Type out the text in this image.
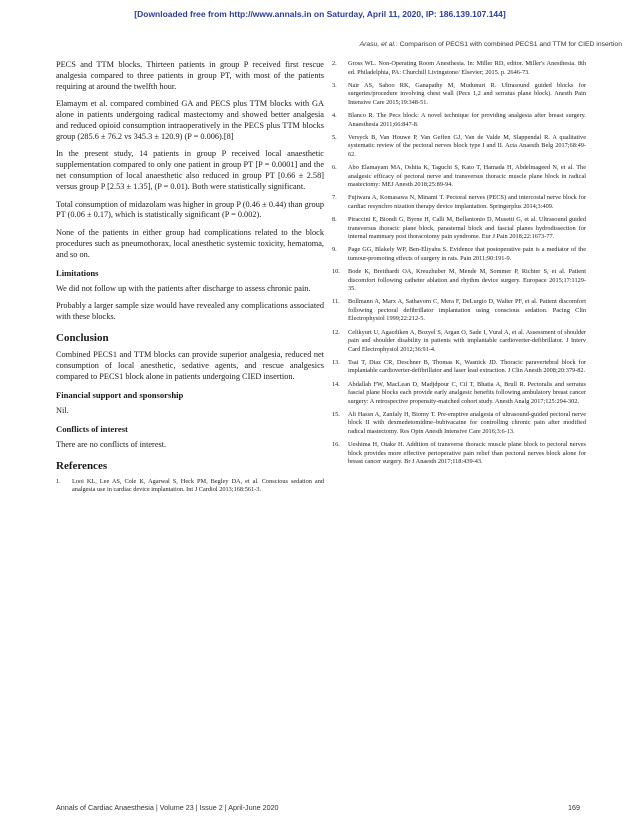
[Downloaded free from http://www.annals.in on Saturday, April 11, 2020, IP: 186.139.107.144]
Arasu, et al.: Comparison of PECS1 with combined PECS1 and TTM for CIED insertion

PECS and TTM blocks. Thirteen patients in group P received first rescue analgesia compared to three patients in group PT, with most of the patients requiring at around the twelfth hour.

Elamaym et al. compared combined GA and PECS plus TTM blocks with GA alone in patients undergoing radical mastectomy and showed better analgesia and reduced opioid consumption intraoperatively in the PECS plus TTM blocks group (285.6 ± 76.2 vs 345.3 ± 120.9) (P = 0.006).[8]

In the present study, 14 patients in group P received local anaesthetic supplementation compared to only one patient in group PT [P = 0.0001] and the net consumption of local anaesthetic also reduced in group PT [0.66 ± 2.58] versus group P [2.53 ± 1.35], (P = 0.01). Both were statistically significant.

Total consumption of midazolam was higher in group P (0.46 ± 0.44) than group PT (0.06 ± 0.17), which is statistically significant (P = 0.002).

None of the patients in either group had complications related to the block procedures such as pneumothorax, local anesthetic systemic toxicity, hematoma, and so on.

Limitations

We did not follow up with the patients after discharge to assess chronic pain.

Probably a larger sample size would have revealed any complications associated with these blocks.

Conclusion

Combined PECS1 and TTM blocks can provide superior analgesia, reduced net consumption of local anesthetic, sedative agents, and rescue analgesics compared to PECS1 block alone in patients undergoing CIED insertion.

Financial support and sponsorship

Nil.

Conflicts of interest

There are no conflicts of interest.

References
1.	Looi KL, Lee AS, Cole K, Agarwal S, Heck PM, Begley DA, et al. Conscious sedation and analgesia use in cardiac device implantation. Int J Cardiol 2013;168:561-3.
2.	Gross WL. Non-Operating Room Anesthesia. In: Miller RD, editor. Miller's Anesthesia. 8th ed. Philadelphia, PA: Churchill Livingstone/ Elsevier; 2015. p. 2646-73.
3.	Nair AS, Sahoo RK, Ganapathy M, Mudunuri R. Ultrasound guided blocks for surgeries/procedure involving chest wall (Pecs 1,2 and serratus plane block). Anesth Pain Intensive Care 2015;19:348-51.
4.	Blanco R. The Pecs block: A novel technique for providing analgesia after breast surgery. Anaesthesia 2011;66:847-8.
5.	Versyck B, Van Houwe P, Van Geffen GJ, Van de Valde M, Slappendal R. A qualitative systematic review of the pectoral nerves block type I and II. Acta Anaesth Belg 2017;68:49-62.
6.	Abo Elamayam MA, Oshita K, Taguchi S, Kato T, Hamada H, Abdelmageed N, et al. The analgesic efficacy of pectoral nerve and transversus thoracic muscle plane block in radical mastectomy: MEJ Anesth 2018;25:89-94.
7.	Fujiwara A, Komasawa N, Minami T. Pectoral nerves (PECS) and intercostal nerve block for cardiac resynchro nization therapy device implantation. Springerplus 2014;3:409.
8.	Piraccini E, Biondi G, Byrne H, Calli M, Bellantonio D, Musetti G, et al. Ultrasound guided transversus thoracic plane block, parasternal block and fascial planes hydrodissection for internal mammary post thoracotomy pain syndrome. Eur J Pain 2018;22:1673-77.
9.	Page GG, Blakely WP, Ben-Eliyahu S. Evidence that postoperative pain is a mediator of the tumour-promoting effects of surgery in rats. Pain 2011;90:191-9.
10.	Bode K, Breithardt OA, Kreuzhuber M, Mende M, Sommer P, Richter S, et al. Patient discomfort following catheter ablation and rhythm device surgery. Europace 2015;17:1129-35.
11.	Bollmann A, Marx A, Sathavorn C, Mera F, DeLurgio D, Walter PF, et al. Patient discomfort following pectoral defibrillator implantation using conscious sedation. Pacing Clin Electrophysiol 1999;22:212-5.
12.	Celikyurt U, Agacdiken A, Bozyel S, Argan O, Sade I, Vural A, et al. Assessment of shoulder pain and shoulder disability in patients with implantable cardioverter-defibrillator. J Interv Card Electrophysiol 2012;36:91-4.
13.	Tsai T, Diaz CR, Deschner B, Thomas K, Wasnick JD. Thoracic paravertebral block for implantable cardioverter-defibrillator and laser lead extraction. J Clin Anesth 2008;20:379-82.
14.	Abdallah FW, MacLean D, Madjdpour C, Cil T, Bhatia A, Brull R. Pectoralis and serratus fascial plane blocks each provide early analgesic benefits following ambulatory breast cancer surgery: A retrospective propensity-matched cohort study. Anesth Analg 2017;125:294-302.
15.	Ali Hassn A, Zanfaly H, Biomy T. Pre-emptive analgesia of ultrasound-guided pectoral nerve block II with dexmedetomidine–bubivacaine for controlling chronic pain after modified radical mastectomy. Res Opin Anesth Intensive Care 2016;3:6-13.
16.	Ueshima H, Otake H. Addition of transverse thoracic muscle plane block to pectoral nerves block provides more effective perioperative pain relief than pectoral nerves block alone for breast cancer surgery. Br J Anaesth 2017;118:439-43.
Annals of Cardiac Anaesthesia | Volume 23 | Issue 2 | April-June 2020	169
